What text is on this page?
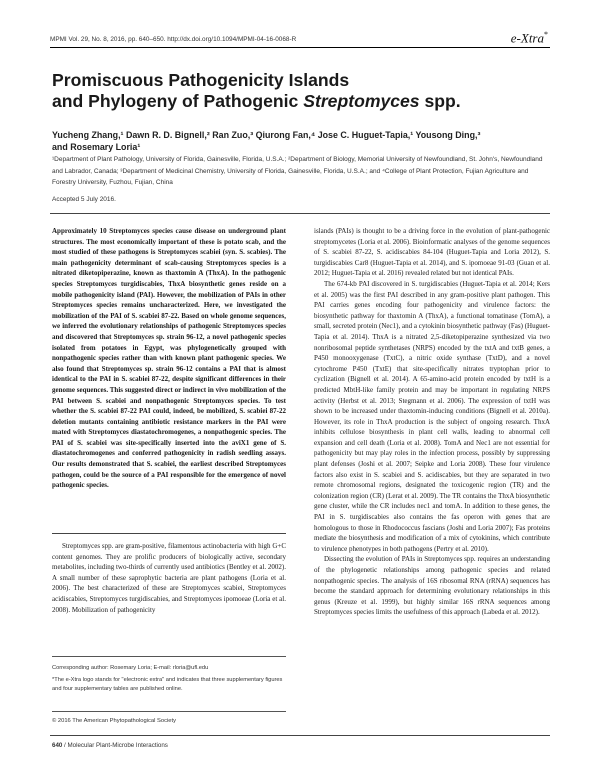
MPMI Vol. 29, No. 8, 2016, pp. 640–650. http://dx.doi.org/10.1094/MPMI-04-16-0068-R	e-Xtra*
Promiscuous Pathogenicity Islands
and Phylogeny of Pathogenic Streptomyces spp.
Yucheng Zhang,¹ Dawn R. D. Bignell,² Ran Zuo,³ Qiurong Fan,⁴ Jose C. Huguet-Tapia,¹ Yousong Ding,³
and Rosemary Loria¹
¹Department of Plant Pathology, University of Florida, Gainesville, Florida, U.S.A.; ²Department of Biology, Memorial University of Newfoundland, St. John's, Newfoundland and Labrador, Canada; ³Department of Medicinal Chemistry, University of Florida, Gainesville, Florida, U.S.A.; and ⁴College of Plant Protection, Fujian Agriculture and Forestry University, Fuzhou, Fujian, China
Accepted 5 July 2016.

Approximately 10 Streptomyces species cause disease on underground plant structures. The most economically important of these is potato scab, and the most studied of these pathogens is Streptomyces scabiei (syn. S. scabies). The main pathogenicity determinant of scab-causing Streptomyces species is a nitrated diketopiperazine, known as thaxtomin A (ThxA). In the pathogenic species Streptomyces turgidiscabies, ThxA biosynthetic genes reside on a mobile pathogenicity island (PAI). However, the mobilization of PAIs in other Streptomyces species remains uncharacterized. Here, we investigated the mobilization of the PAI of S. scabiei 87-22. Based on whole genome sequences, we inferred the evolutionary relationships of pathogenic Streptomyces species and discovered that Streptomyces sp. strain 96-12, a novel pathogenic species isolated from potatoes in Egypt, was phylogenetically grouped with nonpathogenic species rather than with known plant pathogenic species. We also found that Streptomyces sp. strain 96-12 contains a PAI that is almost identical to the PAI in S. scabiei 87-22, despite significant differences in their genome sequences. This suggested direct or indirect in vivo mobilization of the PAI between S. scabiei and nonpathogenic Streptomyces species. To test whether the S. scabiei 87-22 PAI could, indeed, be mobilized, S. scabiei 87-22 deletion mutants containing antibiotic resistance markers in the PAI were mated with Streptomyces diastatochromogenes, a nonpathogenic species. The PAI of S. scabiei was site-specifically inserted into the aviX1 gene of S. diastatochromogenes and conferred pathogenicity in radish seedling assays. Our results demonstrated that S. scabiei, the earliest described Streptomyces pathogen, could be the source of a PAI responsible for the emergence of novel pathogenic species.

Streptomyces spp. are gram-positive, filamentous actinobacteria with high G+C content genomes. They are prolific producers of biologically active, secondary metabolites, including two-thirds of currently used antibiotics (Bentley et al. 2002). A small number of these saprophytic bacteria are plant pathogens (Loria et al. 2006). The best characterized of these are Streptomyces scabiei, Streptomyces acidiscabies, Streptomyces turgidiscabies, and Streptomyces ipomoeae (Loria et al. 2008). Mobilization of pathogenicity

Corresponding author: Rosemary Loria; E-mail: rloria@ufl.edu

*The e-Xtra logo stands for "electronic extra" and indicates that three supplementary figures and four supplementary tables are published online.

© 2016 The American Phytopathological Society

islands (PAIs) is thought to be a driving force in the evolution of plant-pathogenic streptomycetes (Loria et al. 2006). Bioinformatic analyses of the genome sequences of S. scabiei 87-22, S. acidiscabies 84-104 (Huguet-Tapia and Loria 2012), S. turgidiscabies Car8 (Huguet-Tapia et al. 2014), and S. ipomoeae 91-03 (Guan et al. 2012; Huguet-Tapia et al. 2016) revealed related but not identical PAIs.

The 674-kb PAI discovered in S. turgidiscabies (Huguet-Tapia et al. 2014; Kers et al. 2005) was the first PAI described in any gram-positive plant pathogen. This PAI carries genes encoding four pathogenicity and virulence factors: the biosynthetic pathway for thaxtomin A (ThxA), a functional tomatinase (TomA), a small, secreted protein (Nec1), and a cytokinin biosynthetic pathway (Fas) (Huguet-Tapia et al. 2014). ThxA is a nitrated 2,5-diketopiperazine synthesized via two nonribosomal peptide synthetases (NRPS) encoded by the txtA and txtB genes, a P450 monooxygenase (TxtC), a nitric oxide synthase (TxtD), and a novel cytochrome P450 (TxtE) that site-specifically nitrates tryptophan prior to cyclization (Bignell et al. 2014). A 65-amino-acid protein encoded by txtH is a predicted MbtH-like family protein and may be important in regulating NRPS activity (Herbst et al. 2013; Stegmann et al. 2006). The expression of txtH was shown to be increased under thaxtomin-inducing conditions (Bignell et al. 2010a). However, its role in ThxA production is the subject of ongoing research. ThxA inhibits cellulose biosynthesis in plant cell walls, leading to abnormal cell expansion and cell death (Loria et al. 2008). TomA and Nec1 are not essential for pathogenicity but may play roles in the infection process, possibly by suppressing plant defenses (Joshi et al. 2007; Seipke and Loria 2008). These four virulence factors also exist in S. scabiei and S. acidiscabies, but they are separated in two remote chromosomal regions, designated the toxicogenic region (TR) and the colonization region (CR) (Lerat et al. 2009). The TR contains the ThxA biosynthetic gene cluster, while the CR includes nec1 and tomA. In addition to these genes, the PAI in S. turgidiscabies also contains the fas operon with genes that are homologous to those in Rhodococcus fascians (Joshi and Loria 2007); Fas proteins mediate the biosynthesis and modification of a mix of cytokinins, which contribute to virulence phenotypes in both pathogens (Pertry et al. 2010).

Dissecting the evolution of PAIs in Streptomyces spp. requires an understanding of the phylogenetic relationships among pathogenic species and related nonpathogenic species. The analysis of 16S ribosomal RNA (rRNA) sequences has become the standard approach for determining evolutionary relationships in this genus (Kreuze et al. 1999), but highly similar 16S rRNA sequences among Streptomyces species limits the usefulness of this approach (Labeda et al. 2012).

640 / Molecular Plant-Microbe Interactions
